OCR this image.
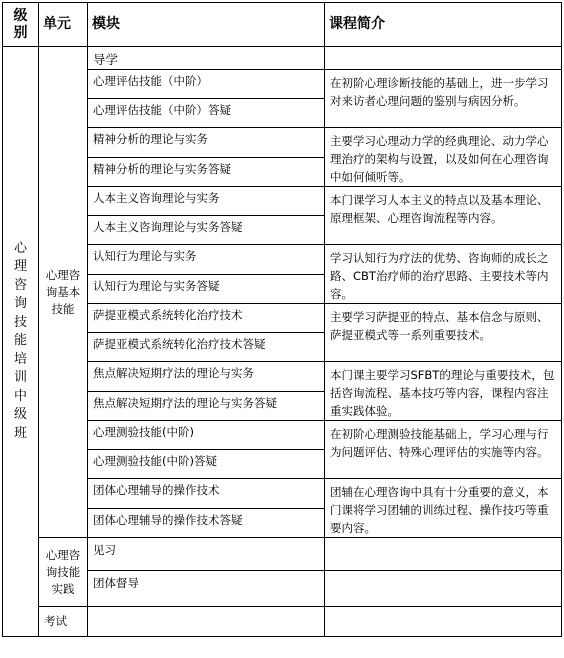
级别	单元	模块	课程简介
心理咨询技能培训中级班	心理咨询基本技能	导学	
		心理评估技能（中阶）	在初阶心理诊断技能的基础上，进一步学习对来访者心理问题的鉴别与病因分析。
		心理评估技能（中阶）答疑	
		精神分析的理论与实务	主要学习心理动力学的经典理论、动力学心理治疗的架构与设置，以及如何在心理咨询中如何倾听等。
		精神分析的理论与实务答疑	
		人本主义咨询理论与实务	本门课学习人本主义的特点以及基本理论、原理框架、心理咨询流程等内容。
		人本主义咨询理论与实务答疑	
		认知行为理论与实务	学习认知行为疗法的优势、咨询师的成长之路、CBT治疗师的治疗思路、主要技术等内容。
		认知行为理论与实务答疑	
		萨提亚模式系统转化治疗技术	主要学习萨提亚的特点、基本信念与原则、萨提亚模式等一系列重要技术。
		萨提亚模式系统转化治疗技术答疑	
		焦点解决短期疗法的理论与实务	本门课主要学习SFBT的理论与重要技术，包括咨询流程、基本技巧等内容，课程内容注重实践体验。
		焦点解决短期疗法的理论与实务答疑	
		心理测验技能(中阶)	在初阶心理测验技能基础上，学习心理与行为问题评估、特殊心理评估的实施等内容。
		心理测验技能(中阶)答疑	
		团体心理辅导的操作技术	团辅在心理咨询中具有十分重要的意义，本门课将学习团辅的训练过程、操作技巧等重要内容。
		团体心理辅导的操作技术答疑	
	心理咨询技能实践	见习	
		团体督导	
	考试		
